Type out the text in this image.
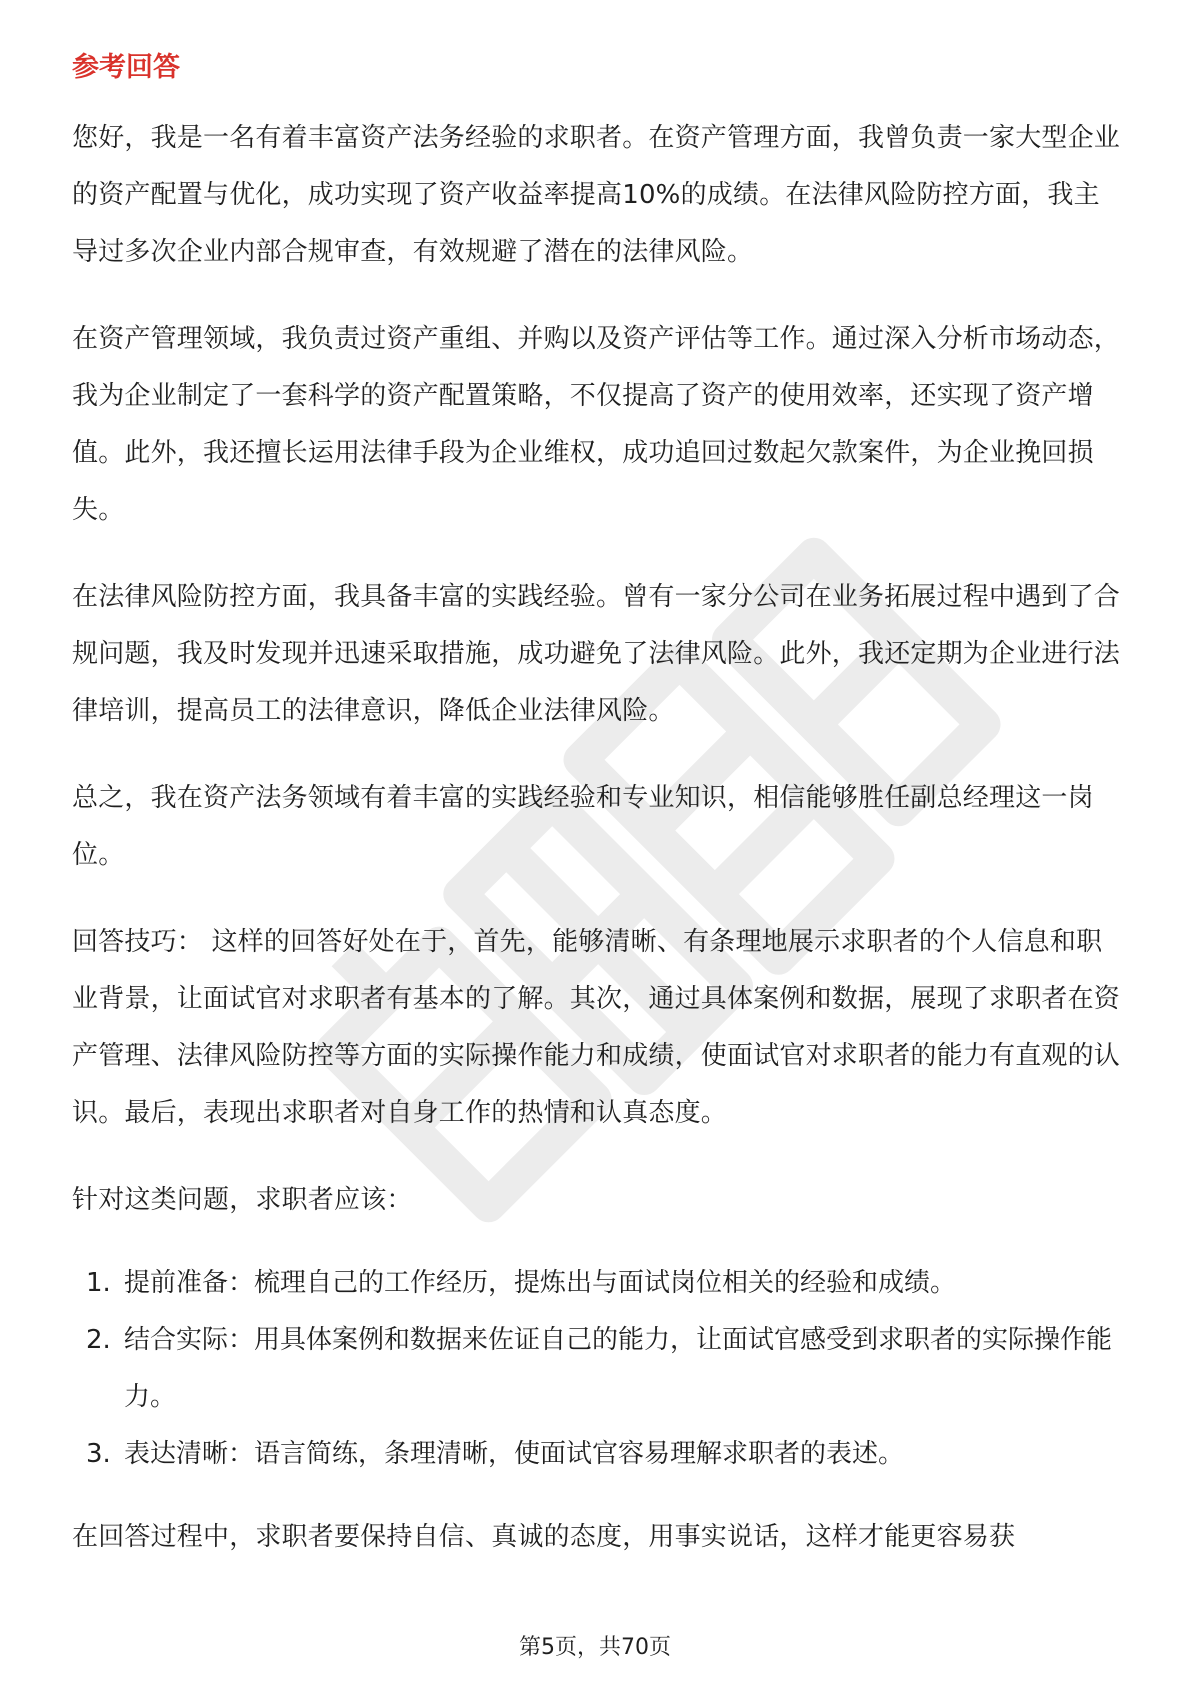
参考回答

您好，我是一名有着丰富资产法务经验的求职者。在资产管理方面，我曾负责一家大型企业的资产配置与优化，成功实现了资产收益率提高10%的成绩。在法律风险防控方面，我主导过多次企业内部合规审查，有效规避了潜在的法律风险。

在资产管理领域，我负责过资产重组、并购以及资产评估等工作。通过深入分析市场动态，我为企业制定了一套科学的资产配置策略，不仅提高了资产的使用效率，还实现了资产增值。此外，我还擅长运用法律手段为企业维权，成功追回过数起欠款案件，为企业挽回损失。

在法律风险防控方面，我具备丰富的实践经验。曾有一家分公司在业务拓展过程中遇到了合规问题，我及时发现并迅速采取措施，成功避免了法律风险。此外，我还定期为企业进行法律培训，提高员工的法律意识，降低企业法律风险。

总之，我在资产法务领域有着丰富的实践经验和专业知识，相信能够胜任副总经理这一岗位。

回答技巧： 这样的回答好处在于，首先，能够清晰、有条理地展示求职者的个人信息和职业背景，让面试官对求职者有基本的了解。其次，通过具体案例和数据，展现了求职者在资产管理、法律风险防控等方面的实际操作能力和成绩，使面试官对求职者的能力有直观的认识。最后，表现出求职者对自身工作的热情和认真态度。

针对这类问题，求职者应该：

1. 提前准备：梳理自己的工作经历，提炼出与面试岗位相关的经验和成绩。
2. 结合实际：用具体案例和数据来佐证自己的能力，让面试官感受到求职者的实际操作能力。
3. 表达清晰：语言简练，条理清晰，使面试官容易理解求职者的表述。

在回答过程中，求职者要保持自信、真诚的态度，用事实说话，这样才能更容易获

第5页，共70页
